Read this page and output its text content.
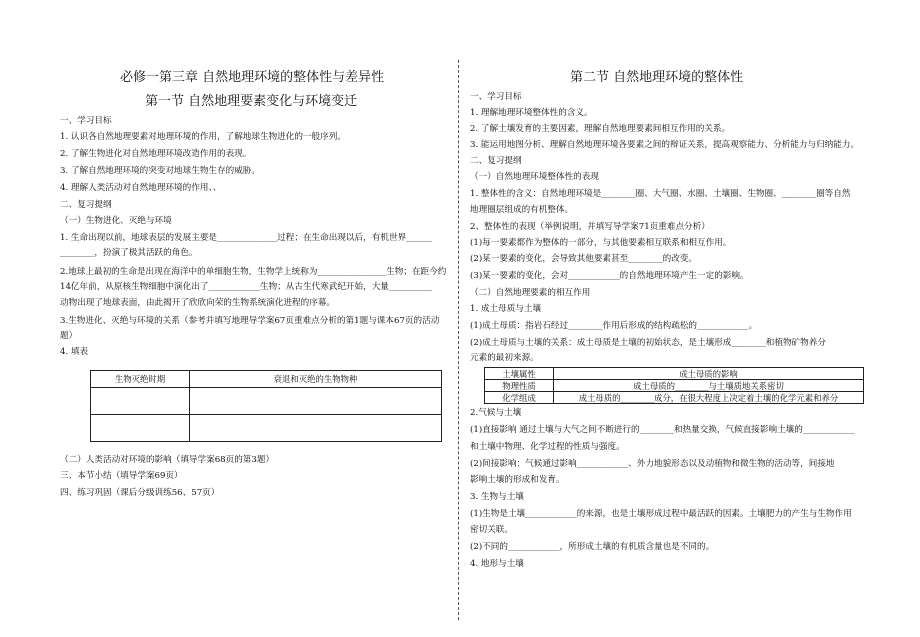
必修一第三章 自然地理环境的整体性与差异性
第一节 自然地理要素变化与环境变迁
一、学习目标
1. 认识各自然地理要素对地理环境的作用，了解地球生物进化的一般序列。
2. 了解生物进化对自然地理环境改造作用的表现。
3. 了解自然地理环境的突变对地球生物生存的威胁。
4. 理解人类活动对自然地理环境的作用、、
二、复习提纲
（一）生物进化、灭绝与环境
1. 生命出现以前，地球表层的发展主要是______________过程；在生命出现以后，有机世界______
________，扮演了极其活跃的角色。
2.地球上最初的生命是出现在海洋中的单细胞生物，生物学上统称为________________生物；在距今约
14亿年前，从原核生物细胞中演化出了____________生物；从古生代寒武纪开始，大量__________
动物出现了地球表面，由此揭开了欣欣向荣的生物系统演化进程的序幕。
3.生物进化、灭绝与环境的关系（参考并填写地理导学案67页重难点分析的第1题与课本67页的活动
题）
4. 填表
生物灭绝时期	衰退和灭绝的生物物种

（二）人类活动对环境的影响（填导学案68页的第3题）
三、本节小结（填导学案69页）
四、练习巩固（课后分级训练56、57页）
第二节 自然地理环境的整体性
一、学习目标
1. 理解地理环境整体性的含义。
2. 了解土壤发育的主要因素，理解自然地理要素间相互作用的关系。
3. 能运用地图分析、理解自然地理环境各要素之间的辩证关系，提高观察能力、分析能力与归纳能力。
二、复习提纲
（一）自然地理环境整体性的表现
1. 整体性的含义：自然地理环境是________圈、大气圈、水圈、土壤圈、生物圈、________圈等自然
地理圈层组成的有机整体。
2、整体性的表现（举例说明，并填写导学案71页重难点分析）
(1)每一要素都作为整体的一部分，与其他要素相互联系和相互作用。
(2)某一要素的变化，会导致其他要素甚至________的改变。
(3)某一要素的变化，会对____________的自然地理环境产生一定的影响。
（二）自然地理要素的相互作用
1. 成土母质与土壤
(1)成土母质：指岩石经过________作用后形成的结构疏松的____________。
(2)成土母质与土壤的关系：成土母质是土壤的初始状态，是土壤形成________和植物矿物养分
元素的最初来源。
土壤属性	成土母质的影响
物理性质	成土母质的________与土壤质地关系密切
化学组成	成土母质的________成分，在很大程度上决定着土壤的化学元素和养分
2.气候与土壤
(1)直接影响 通过土壤与大气之间不断进行的________和热量交换，气候直接影响土壤的____________
和土壤中物理、化学过程的性质与强度。
(2)间接影响：气候通过影响____________、外力地貌形态以及动植物和微生物的活动等，间接地
影响土壤的形成和发育。
3. 生物与土壤
(1)生物是土壤____________的来源，也是土壤形成过程中最活跃的因素。土壤肥力的产生与生物作用
密切关联。
(2)不同的____________，所形成土壤的有机质含量也是不同的。
4. 地形与土壤
